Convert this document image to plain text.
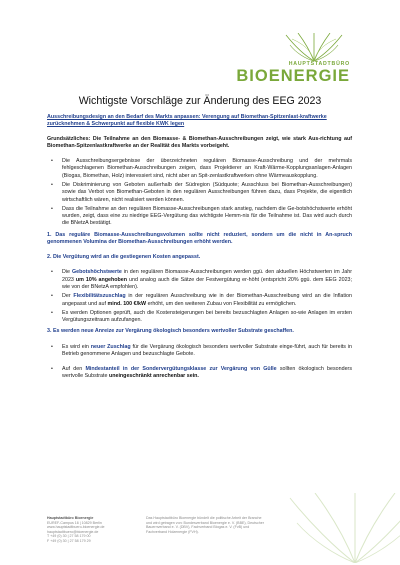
HAUPTSTADTBÜRO
BIOENERGIE
Wichtigste Vorschläge zur Änderung des EEG 2023
Ausschreibungsdesign an den Bedarf des Markts anpassen: Verengung auf Biomethan-Spitzenlast-kraftwerke zurücknehmen & Schwerpunkt auf flexible KWK legen
Grundsätzliches: Die Teilnahme an den Biomasse- & Biomethan-Ausschreibungen zeigt, wie stark Aus-richtung auf Biomethan-Spitzenlastkraftwerke an der Realität des Markts vorbeigeht.
• Die Ausschreibungsergebnisse der überzeichneten regulären Biomasse-Ausschreibung und der mehrmals fehlgeschlagenen Biomethan-Ausschreibungen zeigen, dass Projektierer an Kraft-Wärme-Kopplungsanlagen-Anlagen (Biogas, Biomethan, Holz) interessiert sind, nicht aber an Spit-zenlastkraftwerken ohne Wärmeauskopplung.
• Die Diskriminierung von Geboten außerhalb der Südregion (Südquote; Ausschluss bei Biomethan-Ausschreibungen) sowie das Verbot von Biomethan-Geboten in den regulären Ausschreibungen führen dazu, dass Projekte, die eigentlich wirtschaftlich wären, nicht realisiert werden können.
• Dass die Teilnahme an den regulären Biomasse-Ausschreibungen stark anstieg, nachdem die Ge-botshöchstwerte erhöht wurden, zeigt, dass eine zu niedrige EEG-Vergütung das wichtigste Hemm-nis für die Teilnahme ist. Das wird auch durch die BNetzA bestätigt.
1. Das reguläre Biomasse-Ausschreibungsvolumen sollte nicht reduziert, sondern um die nicht in An-spruch genommenen Volumina der Biomethan-Ausschreibungen erhöht werden.
2. Die Vergütung wird an die gestiegenen Kosten angepasst.
• Die Gebotshöchstwerte in den regulären Biomasse-Ausschreibungen werden ggü. den aktuellen Höchstwerten im Jahr 2023 um 10% angehoben und analog auch die Sätze der Festvergütung er-höht (entspricht 20% ggü. dem EEG 2023; wie von der BNetzA empfohlen).
• Der Flexibilitätszuschlag in der regulären Ausschreibung wie in der Biomethan-Ausschreibung wird an die Inflation angepasst und auf mind. 100 €/kW erhöht, um den weiteren Zubau von Flexibilität zu ermöglichen.
• Es werden Optionen geprüft, auch die Kostensteigerungen bei bereits bezuschlagten Anlagen so-wie Anlagen im ersten Vergütungszeitraum aufzufangen.
3. Es werden neue Anreize zur Vergärung ökologisch besonders wertvoller Substrate geschaffen.
• Es wird ein neuer Zuschlag für die Vergärung ökologisch besonders wertvoller Substrate einge-führt, auch für bereits in Betrieb genommene Anlagen und bezuschlagte Gebote.
• Auf den Mindestanteil in der Sondervergütungsklasse zur Vergärung von Gülle sollten ökologisch besonders wertvolle Substrate uneingeschränkt anrechenbar sein.
Hauptstadtbüro Bioenergie
EUREF-Campus 16 | 10829 Berlin
www.hauptstadtbuero-bioenergie.de
hauptstadtbuero@bioenergie.de
T +49 (0) 30 | 27 58 179 00
F +49 (0) 30 | 27 58 179 29
Das Hauptstadtbüro Bioenergie bündelt die politische Arbeit der Branche und wird getragen von: Bundesverband Bioenergie e. V. (BBE), Deutscher Bauernverband e. V. (DBV), Fachverband Biogas e. V. (FvB) und Fachverband Holzenergie (FVH).
